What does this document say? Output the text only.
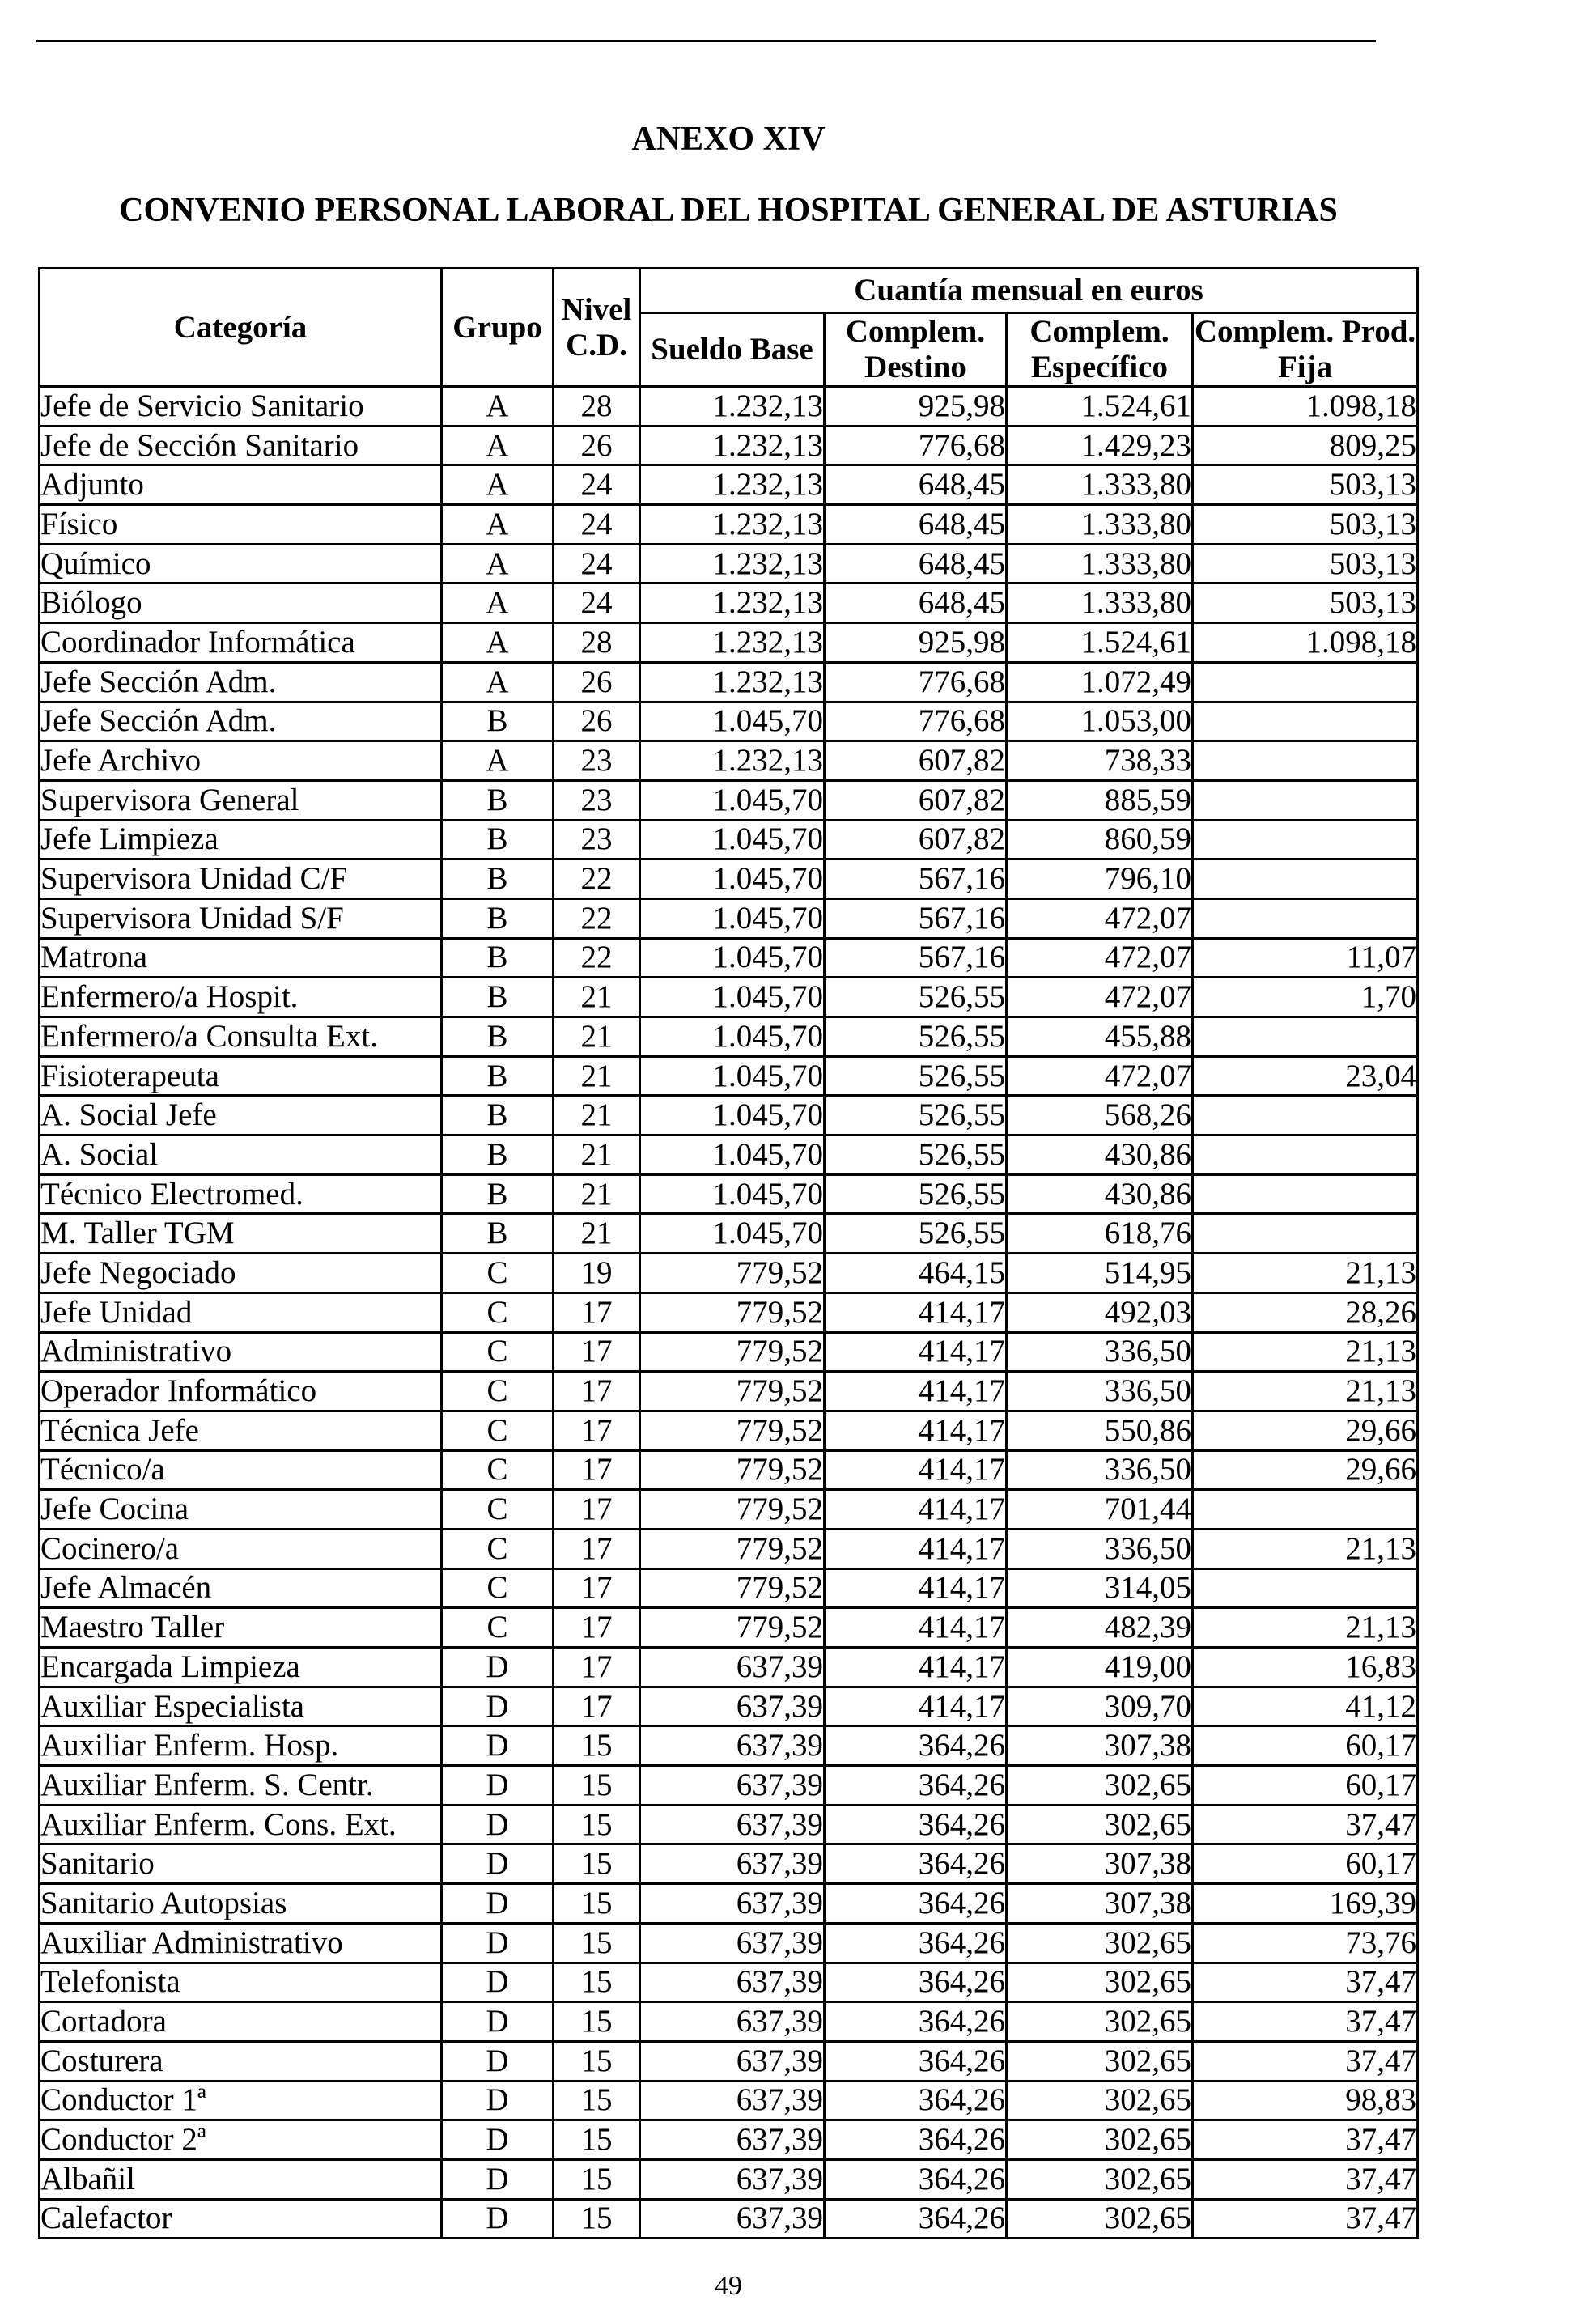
ANEXO XIV
CONVENIO PERSONAL LABORAL DEL HOSPITAL GENERAL DE ASTURIAS
Categoría	Grupo	Nivel C.D.	Cuantía mensual en euros			
			Sueldo Base	Complem. Destino	Complem. Específico	Complem. Prod. Fija
Jefe de Servicio Sanitario	A	28	1.232,13	925,98	1.524,61	1.098,18
Jefe de Sección Sanitario	A	26	1.232,13	776,68	1.429,23	809,25
Adjunto	A	24	1.232,13	648,45	1.333,80	503,13
Físico	A	24	1.232,13	648,45	1.333,80	503,13
Químico	A	24	1.232,13	648,45	1.333,80	503,13
Biólogo	A	24	1.232,13	648,45	1.333,80	503,13
Coordinador Informática	A	28	1.232,13	925,98	1.524,61	1.098,18
Jefe Sección Adm.	A	26	1.232,13	776,68	1.072,49	
Jefe Sección Adm.	B	26	1.045,70	776,68	1.053,00	
Jefe Archivo	A	23	1.232,13	607,82	738,33	
Supervisora General	B	23	1.045,70	607,82	885,59	
Jefe Limpieza	B	23	1.045,70	607,82	860,59	
Supervisora Unidad C/F	B	22	1.045,70	567,16	796,10	
Supervisora Unidad S/F	B	22	1.045,70	567,16	472,07	
Matrona	B	22	1.045,70	567,16	472,07	11,07
Enfermero/a Hospit.	B	21	1.045,70	526,55	472,07	1,70
Enfermero/a Consulta Ext.	B	21	1.045,70	526,55	455,88	
Fisioterapeuta	B	21	1.045,70	526,55	472,07	23,04
A. Social Jefe	B	21	1.045,70	526,55	568,26	
A. Social	B	21	1.045,70	526,55	430,86	
Técnico Electromed.	B	21	1.045,70	526,55	430,86	
M. Taller TGM	B	21	1.045,70	526,55	618,76	
Jefe Negociado	C	19	779,52	464,15	514,95	21,13
Jefe Unidad	C	17	779,52	414,17	492,03	28,26
Administrativo	C	17	779,52	414,17	336,50	21,13
Operador Informático	C	17	779,52	414,17	336,50	21,13
Técnica Jefe	C	17	779,52	414,17	550,86	29,66
Técnico/a	C	17	779,52	414,17	336,50	29,66
Jefe Cocina	C	17	779,52	414,17	701,44	
Cocinero/a	C	17	779,52	414,17	336,50	21,13
Jefe Almacén	C	17	779,52	414,17	314,05	
Maestro Taller	C	17	779,52	414,17	482,39	21,13
Encargada Limpieza	D	17	637,39	414,17	419,00	16,83
Auxiliar Especialista	D	17	637,39	414,17	309,70	41,12
Auxiliar Enferm. Hosp.	D	15	637,39	364,26	307,38	60,17
Auxiliar Enferm. S. Centr.	D	15	637,39	364,26	302,65	60,17
Auxiliar Enferm. Cons. Ext.	D	15	637,39	364,26	302,65	37,47
Sanitario	D	15	637,39	364,26	307,38	60,17
Sanitario Autopsias	D	15	637,39	364,26	307,38	169,39
Auxiliar Administrativo	D	15	637,39	364,26	302,65	73,76
Telefonista	D	15	637,39	364,26	302,65	37,47
Cortadora	D	15	637,39	364,26	302,65	37,47
Costurera	D	15	637,39	364,26	302,65	37,47
Conductor 1ª	D	15	637,39	364,26	302,65	98,83
Conductor 2ª	D	15	637,39	364,26	302,65	37,47
Albañil	D	15	637,39	364,26	302,65	37,47
Calefactor	D	15	637,39	364,26	302,65	37,47
49
